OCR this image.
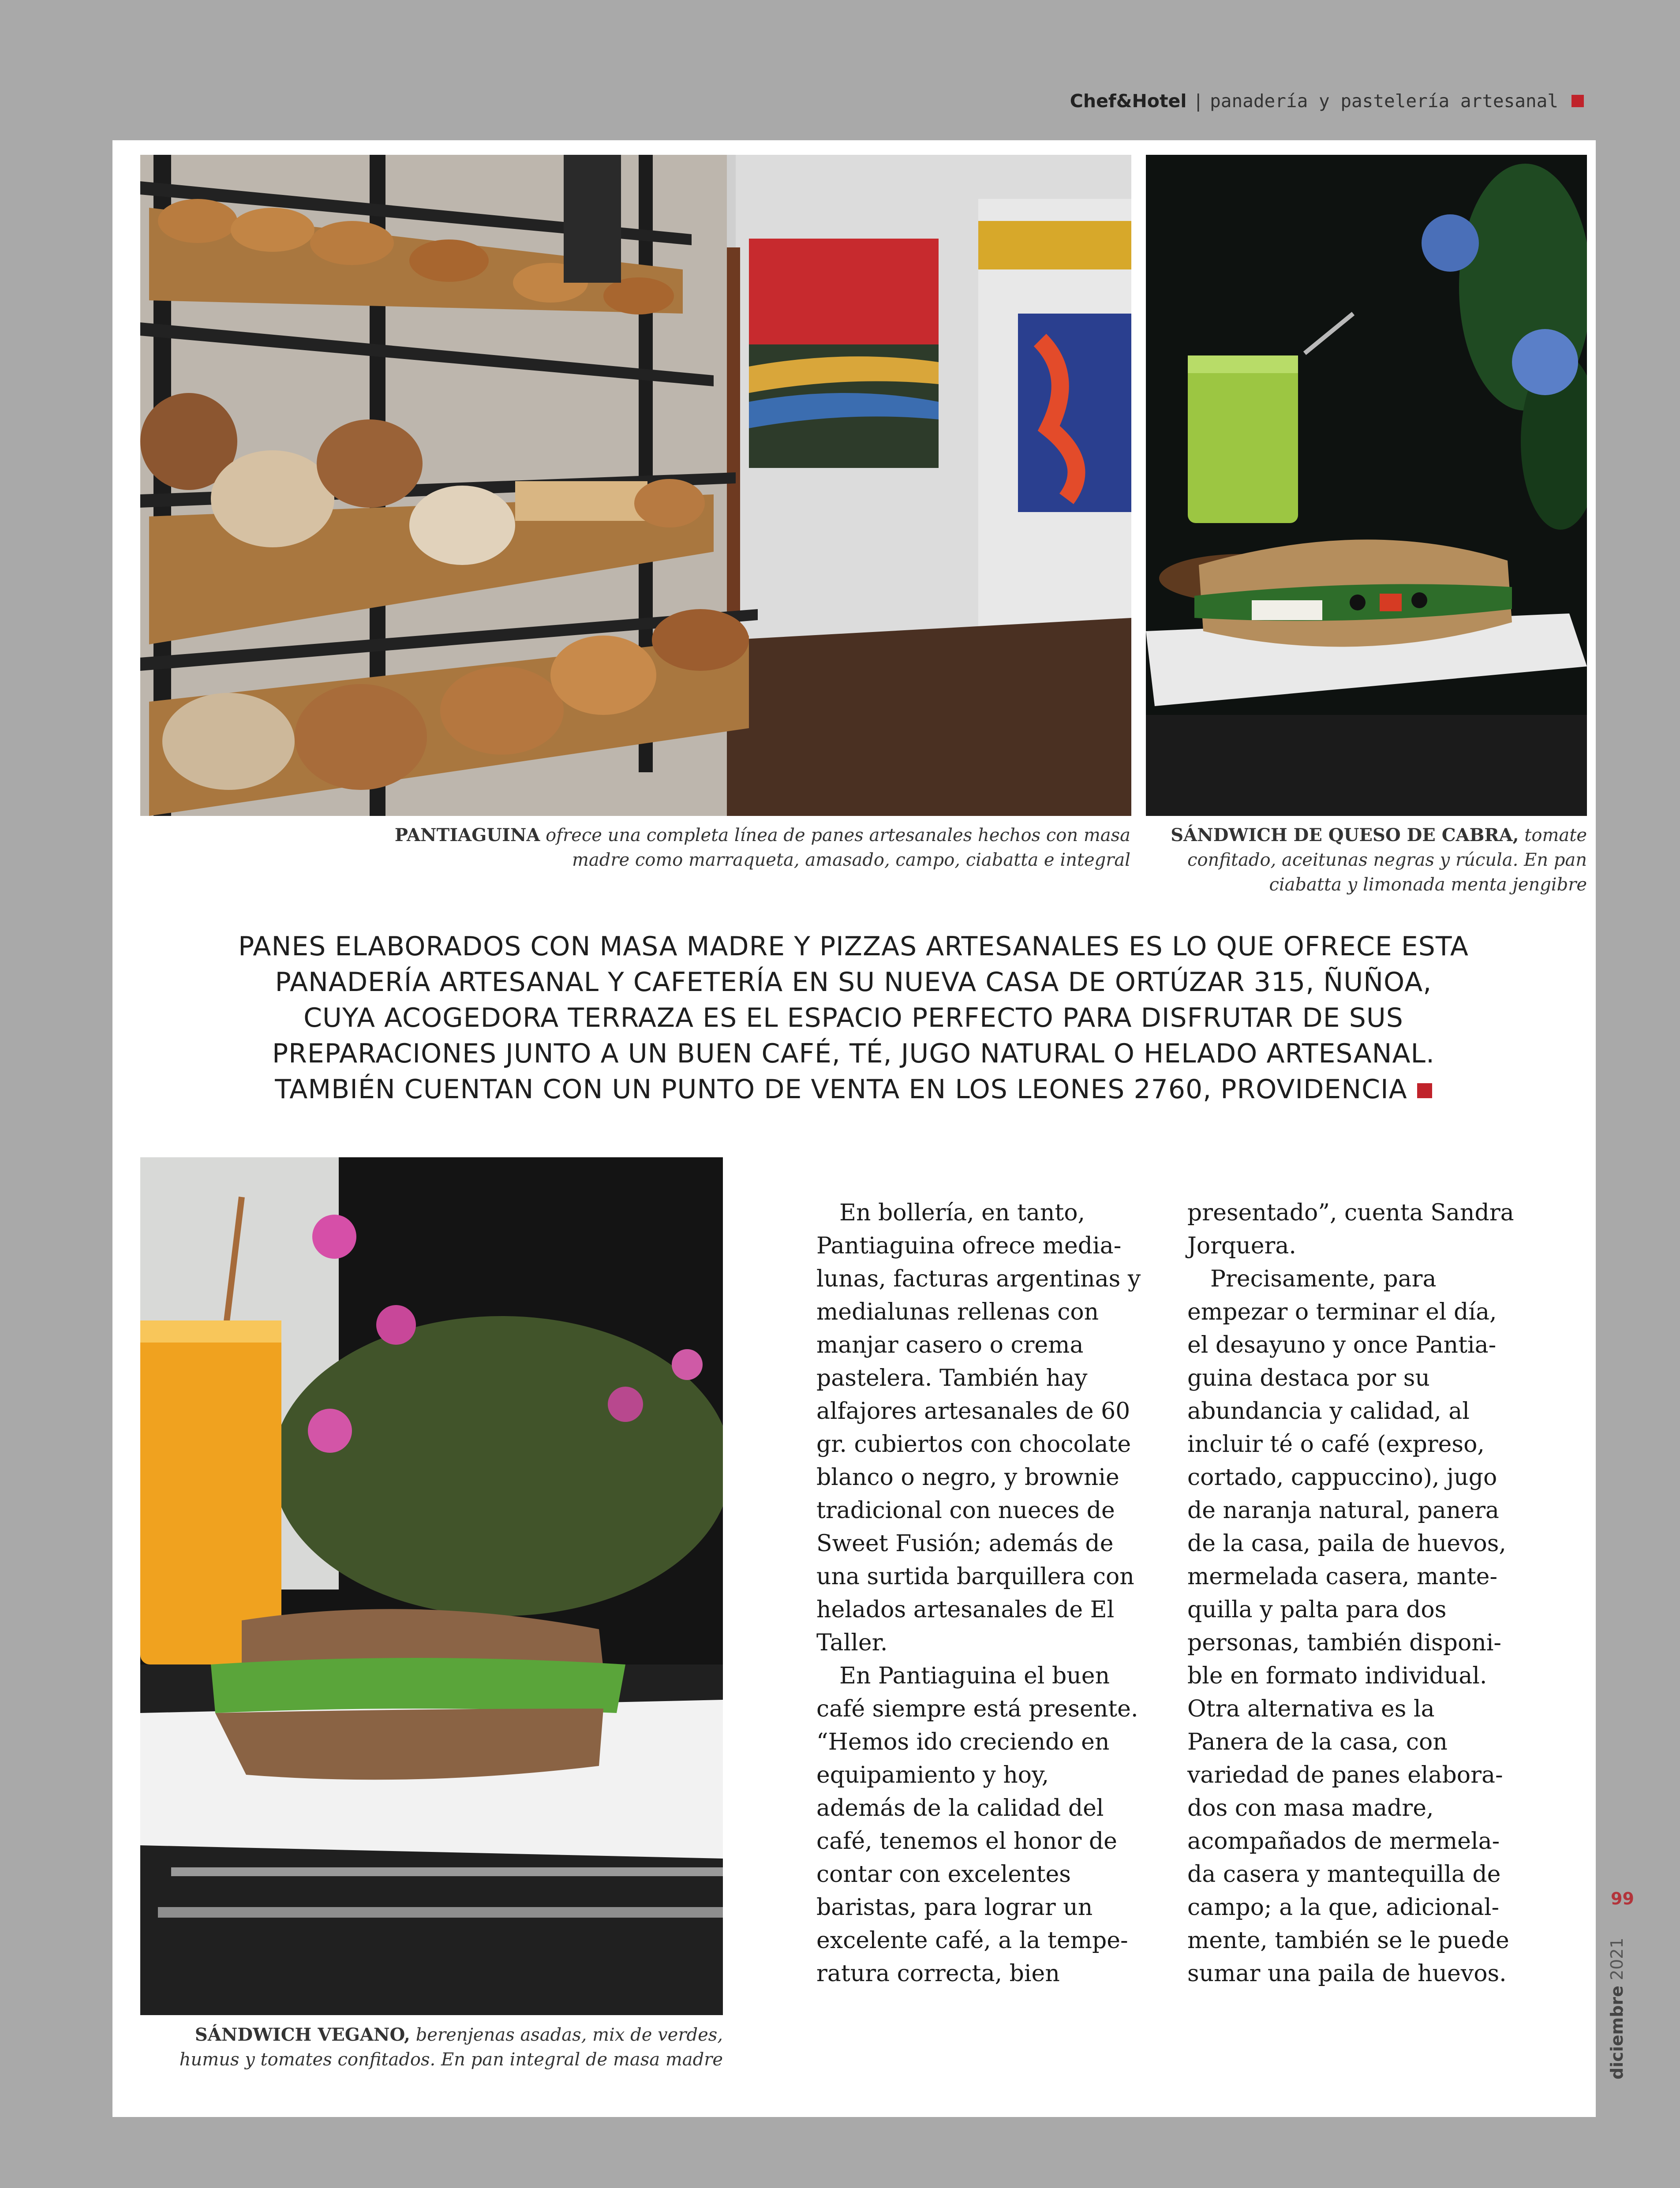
Chef&Hotel | panadería y pastelería artesanal
PANTIAGUINA ofrece una completa línea de panes artesanales hechos con masa madre como marraqueta, amasado, campo, ciabatta e integral
SÁNDWICH DE QUESO DE CABRA, tomate confitado, aceitunas negras y rúcula. En pan ciabatta y limonada menta jengibre
SÁNDWICH VEGANO, berenjenas asadas, mix de verdes, humus y tomates confitados. En pan integral de masa madre
PANES ELABORADOS CON MASA MADRE Y PIZZAS ARTESANALES ES LO QUE OFRECE ESTA
PANADERÍA ARTESANAL Y CAFETERÍA EN SU NUEVA CASA DE ORTÚZAR 315, ÑUÑOA,
CUYA ACOGEDORA TERRAZA ES EL ESPACIO PERFECTO PARA DISFRUTAR DE SUS
PREPARACIONES JUNTO A UN BUEN CAFÉ, TÉ, JUGO NATURAL O HELADO ARTESANAL.
TAMBIÉN CUENTAN CON UN PUNTO DE VENTA EN LOS LEONES 2760, PROVIDENCIA
 En bollería, en tanto,
Pantiaguina ofrece media-
lunas, facturas argentinas y
medialunas rellenas con
manjar casero o crema
pastelera. También hay
alfajores artesanales de 60
gr. cubiertos con chocolate
blanco o negro, y brownie
tradicional con nueces de
Sweet Fusión; además de
una surtida barquillera con
helados artesanales de El
Taller.
 En Pantiaguina el buen
café siempre está presente.
“Hemos ido creciendo en
equipamiento y hoy,
además de la calidad del
café, tenemos el honor de
contar con excelentes
baristas, para lograr un
excelente café, a la tempe-
ratura correcta, bien
presentado”, cuenta Sandra
Jorquera.
 Precisamente, para
empezar o terminar el día,
el desayuno y once Pantia-
guina destaca por su
abundancia y calidad, al
incluir té o café (expreso,
cortado, cappuccino), jugo
de naranja natural, panera
de la casa, paila de huevos,
mermelada casera, mante-
quilla y palta para dos
personas, también disponi-
ble en formato individual.
Otra alternativa es la
Panera de la casa, con
variedad de panes elabora-
dos con masa madre,
acompañados de mermela-
da casera y mantequilla de
campo; a la que, adicional-
mente, también se le puede
sumar una paila de huevos.
99
diciembre 2021
